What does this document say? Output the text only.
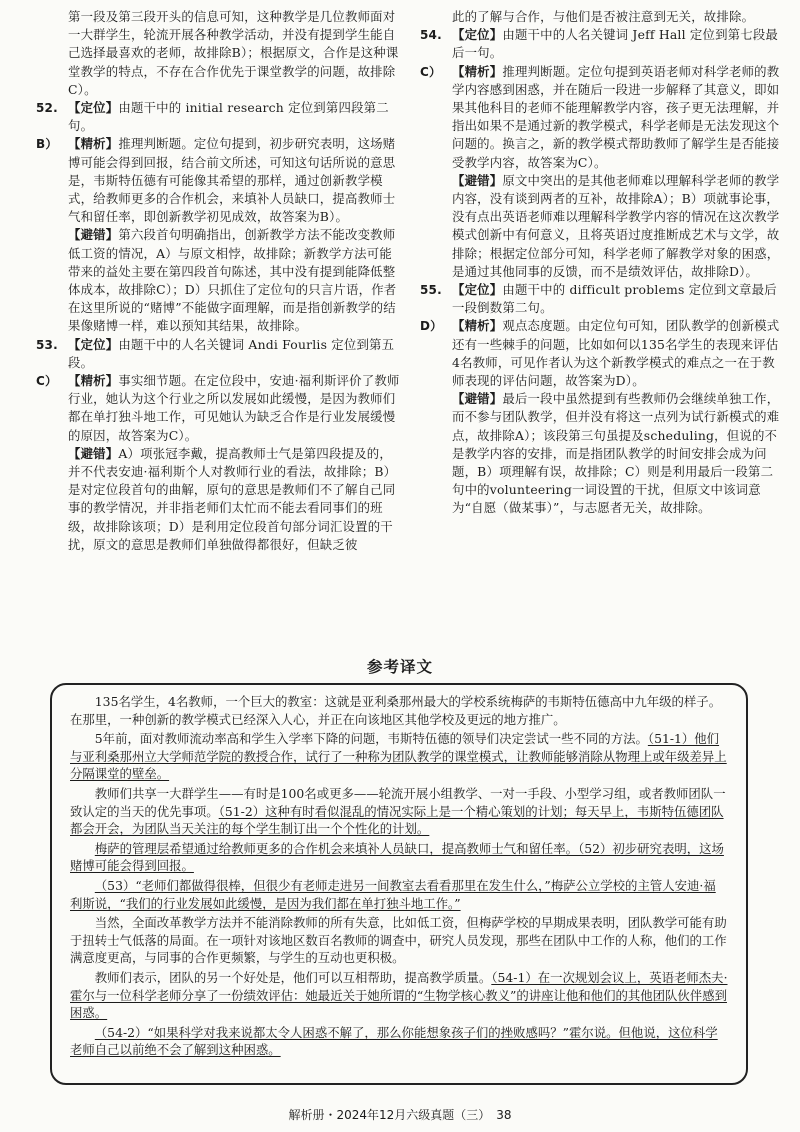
第一段及第三段开头的信息可知，这种教学是几位教师面对一大群学生，轮流开展各种教学活动，并没有提到学生能自己选择最喜欢的老师，故排除B）；根据原文，合作是这种课堂教学的特点，不存在合作优先于课堂教学的问题，故排除C）。

52. 【定位】由题干中的 initial research 定位到第四段第二句。
B） 【精析】推理判断题。定位句提到，初步研究表明，这场赌博可能会得到回报，结合前文所述，可知这句话所说的意思是，韦斯特伍德有可能像其希望的那样，通过创新教学模式，给教师更多的合作机会，来填补人员缺口，提高教师士气和留任率，即创新教学初见成效，故答案为B）。
【避错】第六段首句明确指出，创新教学方法不能改变教师低工资的情况，A）与原文相悖，故排除；新教学方法可能带来的益处主要在第四段首句陈述，其中没有提到能降低整体成本，故排除C）；D）只抓住了定位句的只言片语，作者在这里所说的“赌博”不能做字面理解，而是指创新教学的结果像赌博一样，难以预知其结果，故排除。
53. 【定位】由题干中的人名关键词 Andi Fourlis 定位到第五段。
C） 【精析】事实细节题。在定位段中，安迪·福利斯评价了教师行业，她认为这个行业之所以发展如此缓慢，是因为教师们都在单打独斗地工作，可见她认为缺乏合作是行业发展缓慢的原因，故答案为C）。
【避错】A）项张冠李戴，提高教师士气是第四段提及的，并不代表安迪·福利斯个人对教师行业的看法，故排除；B）是对定位段首句的曲解，原句的意思是教师们不了解自己同事的教学情况，并非指老师们太忙而不能去看同事们的班级，故排除该项；D）是利用定位段首句部分词汇设置的干扰，原文的意思是教师们单独做得都很好，但缺乏彼

此的了解与合作，与他们是否被注意到无关，故排除。

54. 【定位】由题干中的人名关键词 Jeff Hall 定位到第七段最后一句。
C） 【精析】推理判断题。定位句提到英语老师对科学老师的教学内容感到困惑，并在随后一段进一步解释了其意义，即如果其他科目的老师不能理解教学内容，孩子更无法理解，并指出如果不是通过新的教学模式，科学老师是无法发现这个问题的。换言之，新的教学模式帮助教师了解学生是否能接受教学内容，故答案为C）。
【避错】原文中突出的是其他老师难以理解科学老师的教学内容，没有谈到两者的互补，故排除A）；B）项就事论事，没有点出英语老师难以理解科学教学内容的情况在这次教学模式创新中有何意义，且将英语过度推断成艺术与文学，故排除；根据定位部分可知，科学老师了解教学对象的困惑，是通过其他同事的反馈，而不是绩效评估，故排除D）。
55. 【定位】由题干中的 difficult problems 定位到文章最后一段倒数第二句。
D） 【精析】观点态度题。由定位句可知，团队教学的创新模式还有一些棘手的问题，比如如何以135名学生的表现来评估4名教师，可见作者认为这个新教学模式的难点之一在于教师表现的评估问题，故答案为D）。
【避错】最后一段中虽然提到有些教师仍会继续单独工作，而不参与团队教学，但并没有将这一点列为试行新模式的难点，故排除A）；该段第三句虽提及scheduling，但说的不是教学内容的安排，而是指团队教学的时间安排会成为问题，B）项理解有误，故排除；C）则是利用最后一段第二句中的volunteering一词设置的干扰，但原文中该词意为“自愿（做某事）”，与志愿者无关，故排除。
参考译文

135名学生，4名教师，一个巨大的教室：这就是亚利桑那州最大的学校系统梅萨的韦斯特伍德高中九年级的样子。在那里，一种创新的教学模式已经深入人心，并正在向该地区其他学校及更远的地方推广。

5年前，面对教师流动率高和学生入学率下降的问题，韦斯特伍德的领导们决定尝试一些不同的方法。（51-1）他们与亚利桑那州立大学师范学院的教授合作，试行了一种称为团队教学的课堂模式，让教师能够消除从物理上或年级差异上分隔课堂的壁垒。

教师们共享一大群学生——有时是100名或更多——轮流开展小组教学、一对一手段、小型学习组，或者教师团队一致认定的当天的优先事项。（51-2）这种有时看似混乱的情况实际上是一个精心策划的计划；每天早上，韦斯特伍德团队都会开会，为团队当天关注的每个学生制订出一个个性化的计划。

梅萨的管理层希望通过给教师更多的合作机会来填补人员缺口，提高教师士气和留任率。（52）初步研究表明，这场赌博可能会得到回报。

（53）“老师们都做得很棒，但很少有老师走进另一间教室去看看那里在发生什么，”梅萨公立学校的主管人安迪·福利斯说，“我们的行业发展如此缓慢，是因为我们都在单打独斗地工作。”

当然，全面改革教学方法并不能消除教师的所有失意，比如低工资，但梅萨学校的早期成果表明，团队教学可能有助于扭转士气低落的局面。在一项针对该地区数百名教师的调查中，研究人员发现，那些在团队中工作的人称，他们的工作满意度更高，与同事的合作更频繁，与学生的互动也更积极。

教师们表示，团队的另一个好处是，他们可以互相帮助，提高教学质量。（54-1）在一次规划会议上，英语老师杰夫·霍尔与一位科学老师分享了一份绩效评估：她最近关于她所谓的“生物学核心教义”的讲座让他和他们的其他团队伙伴感到困惑。

（54-2）“如果科学对我来说都太令人困惑不解了，那么你能想象孩子们的挫败感吗？”霍尔说。但他说，这位科学老师自己以前绝不会了解到这种困惑。

解析册・2024年12月六级真题（三）　38
